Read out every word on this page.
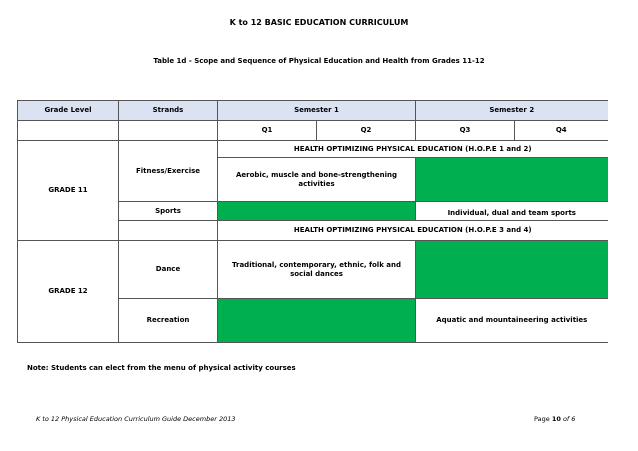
K to 12 BASIC EDUCATION CURRICULUM
Table 1d - Scope and Sequence of Physical Education and Health from Grades 11-12
Grade Level	Strands	Semester 1		Semester 2	
		Q1	Q2	Q3	Q4
GRADE 11	Fitness/Exercise	HEALTH OPTIMIZING PHYSICAL EDUCATION (H.O.P.E 1 and 2)			
		Aerobic, muscle and bone-strengthening activities			
	Sports			Individual, dual and team sports	
		HEALTH OPTIMIZING PHYSICAL EDUCATION (H.O.P.E 3 and 4)			
GRADE 12	Dance	Traditional, contemporary, ethnic, folk and social dances			
	Recreation			Aquatic and mountaineering activities	
Note: Students can elect from the menu of physical activity courses
K to 12 Physical Education Curriculum Guide December 2013	Page 10 of 6
